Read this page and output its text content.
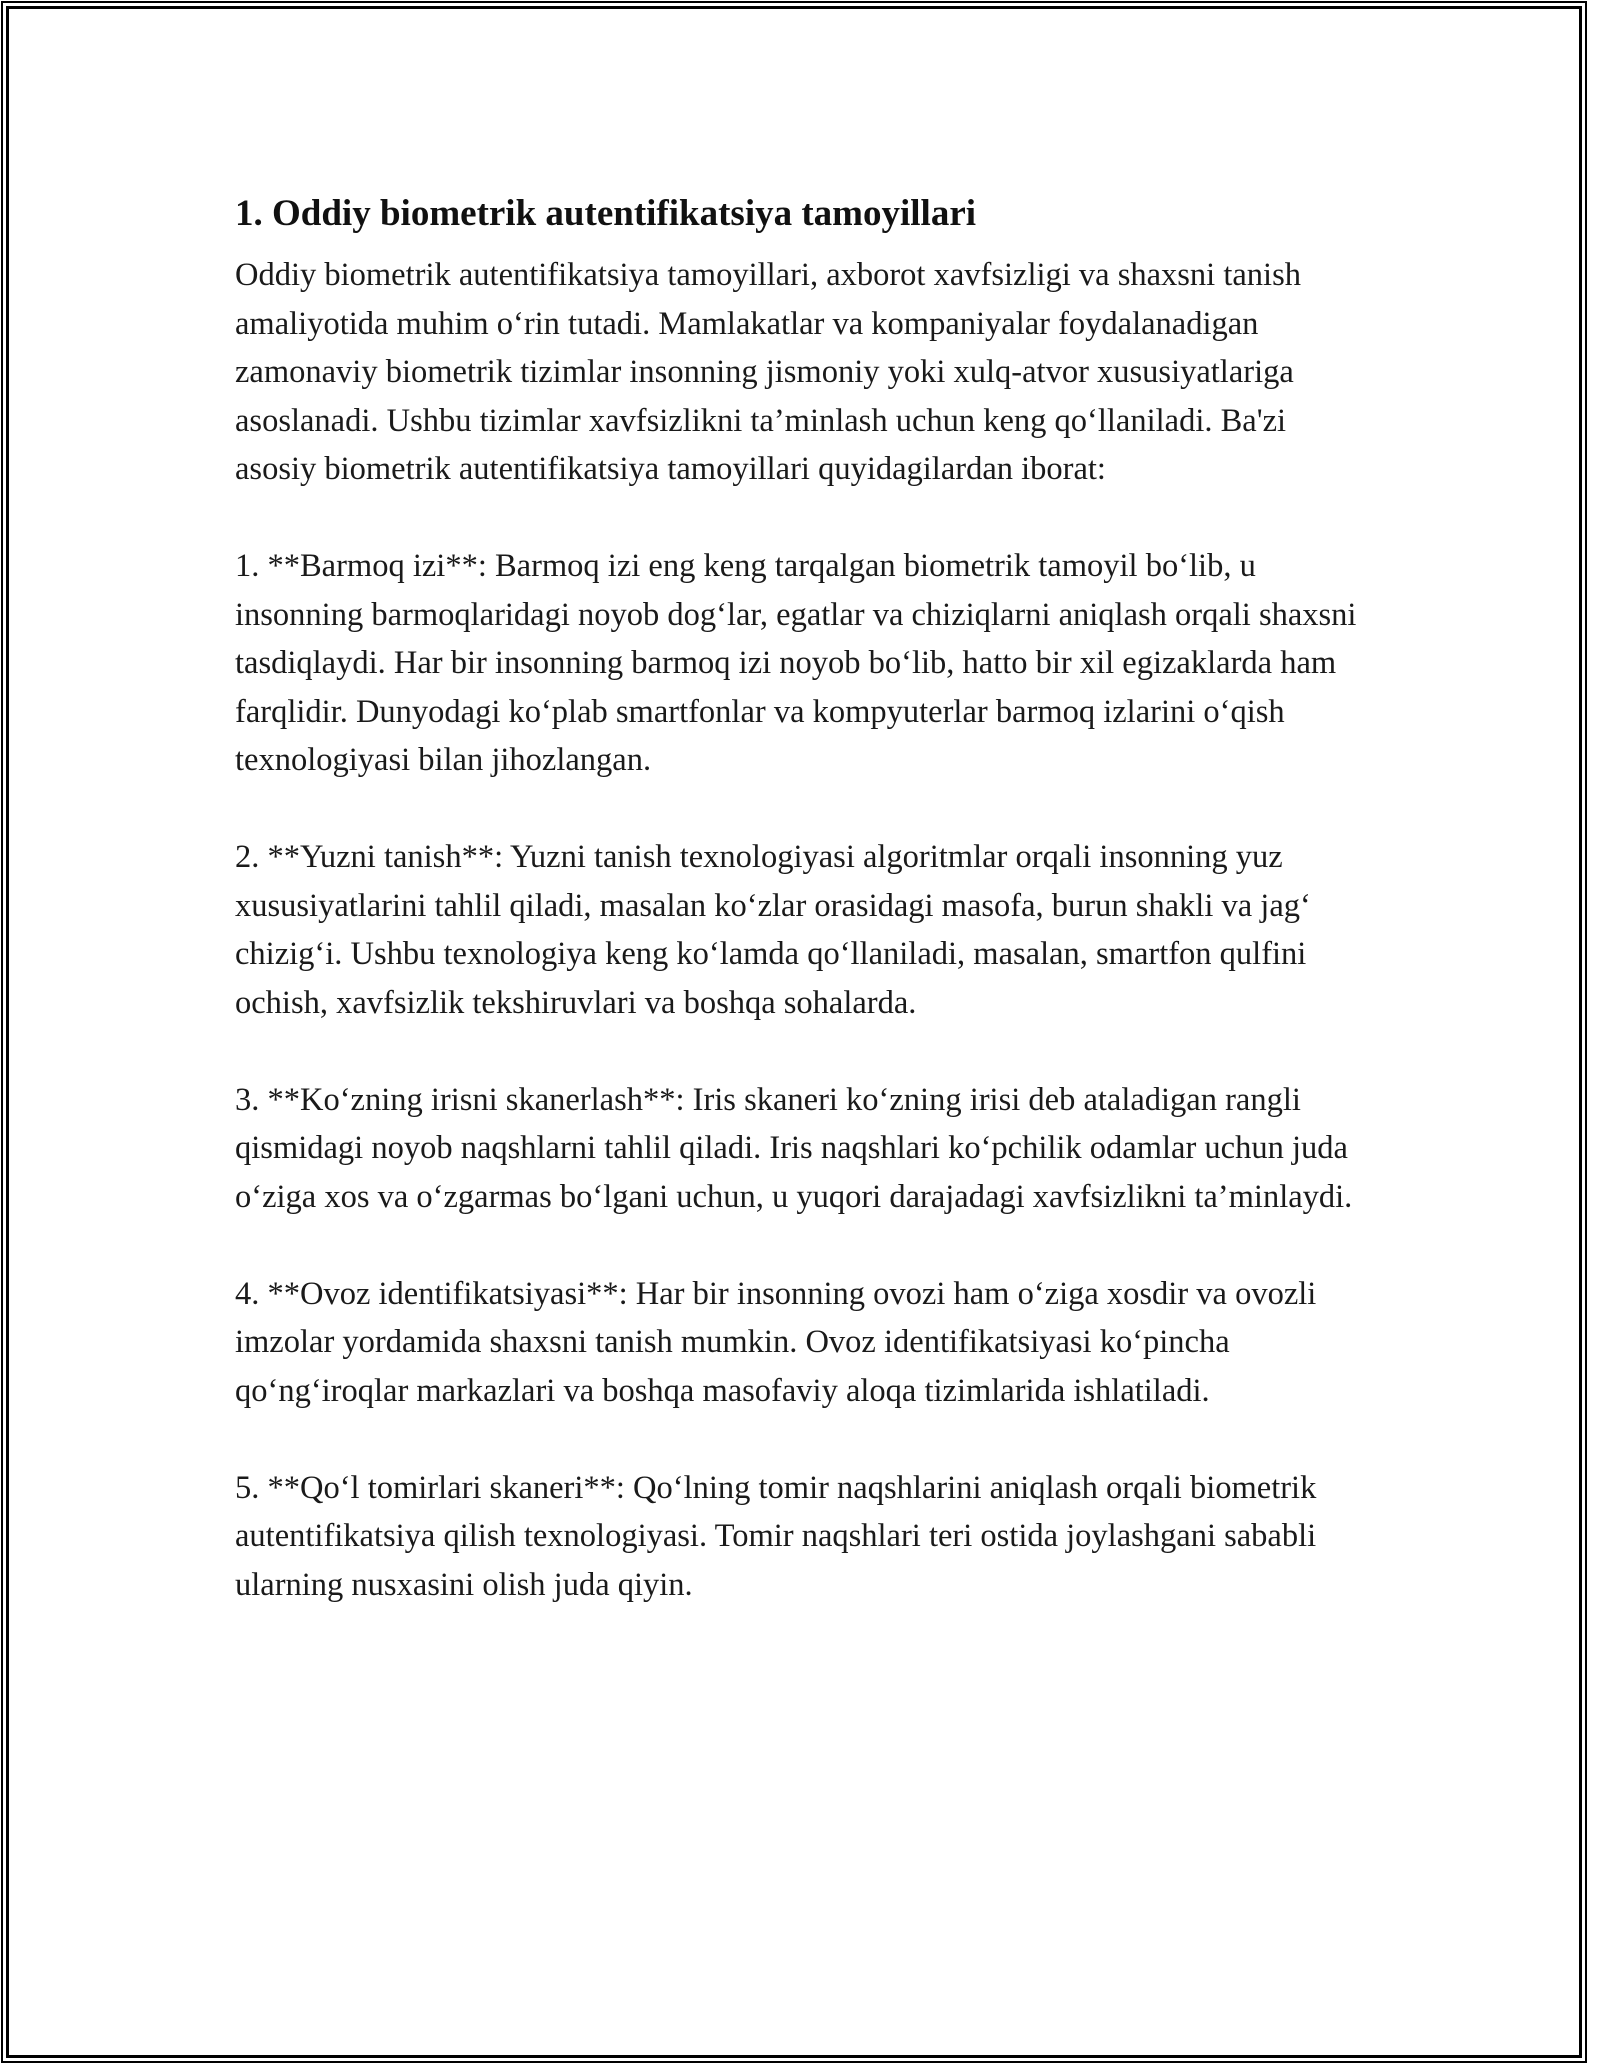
1. Oddiy biometrik autentifikatsiya tamoyillari

Oddiy biometrik autentifikatsiya tamoyillari, axborot xavfsizligi va shaxsni tanish amaliyotida muhim o‘rin tutadi. Mamlakatlar va kompaniyalar foydalanadigan zamonaviy biometrik tizimlar insonning jismoniy yoki xulq-atvor xususiyatlariga asoslanadi. Ushbu tizimlar xavfsizlikni ta’minlash uchun keng qo‘llaniladi. Ba'zi asosiy biometrik autentifikatsiya tamoyillari quyidagilardan iborat:

1. **Barmoq izi**: Barmoq izi eng keng tarqalgan biometrik tamoyil bo‘lib, u insonning barmoqlaridagi noyob dog‘lar, egatlar va chiziqlarni aniqlash orqali shaxsni tasdiqlaydi. Har bir insonning barmoq izi noyob bo‘lib, hatto bir xil egizaklarda ham farqlidir. Dunyodagi ko‘plab smartfonlar va kompyuterlar barmoq izlarini o‘qish texnologiyasi bilan jihozlangan.

2. **Yuzni tanish**: Yuzni tanish texnologiyasi algoritmlar orqali insonning yuz xususiyatlarini tahlil qiladi, masalan ko‘zlar orasidagi masofa, burun shakli va jag‘ chizig‘i. Ushbu texnologiya keng ko‘lamda qo‘llaniladi, masalan, smartfon qulfini ochish, xavfsizlik tekshiruvlari va boshqa sohalarda.

3. **Ko‘zning irisni skanerlash**: Iris skaneri ko‘zning irisi deb ataladigan rangli qismidagi noyob naqshlarni tahlil qiladi. Iris naqshlari ko‘pchilik odamlar uchun juda o‘ziga xos va o‘zgarmas bo‘lgani uchun, u yuqori darajadagi xavfsizlikni ta’minlaydi.

4. **Ovoz identifikatsiyasi**: Har bir insonning ovozi ham o‘ziga xosdir va ovozli imzolar yordamida shaxsni tanish mumkin. Ovoz identifikatsiyasi ko‘pincha qo‘ng‘iroqlar markazlari va boshqa masofaviy aloqa tizimlarida ishlatiladi.

5. **Qo‘l tomirlari skaneri**: Qo‘lning tomir naqshlarini aniqlash orqali biometrik autentifikatsiya qilish texnologiyasi. Tomir naqshlari teri ostida joylashgani sababli ularning nusxasini olish juda qiyin.
